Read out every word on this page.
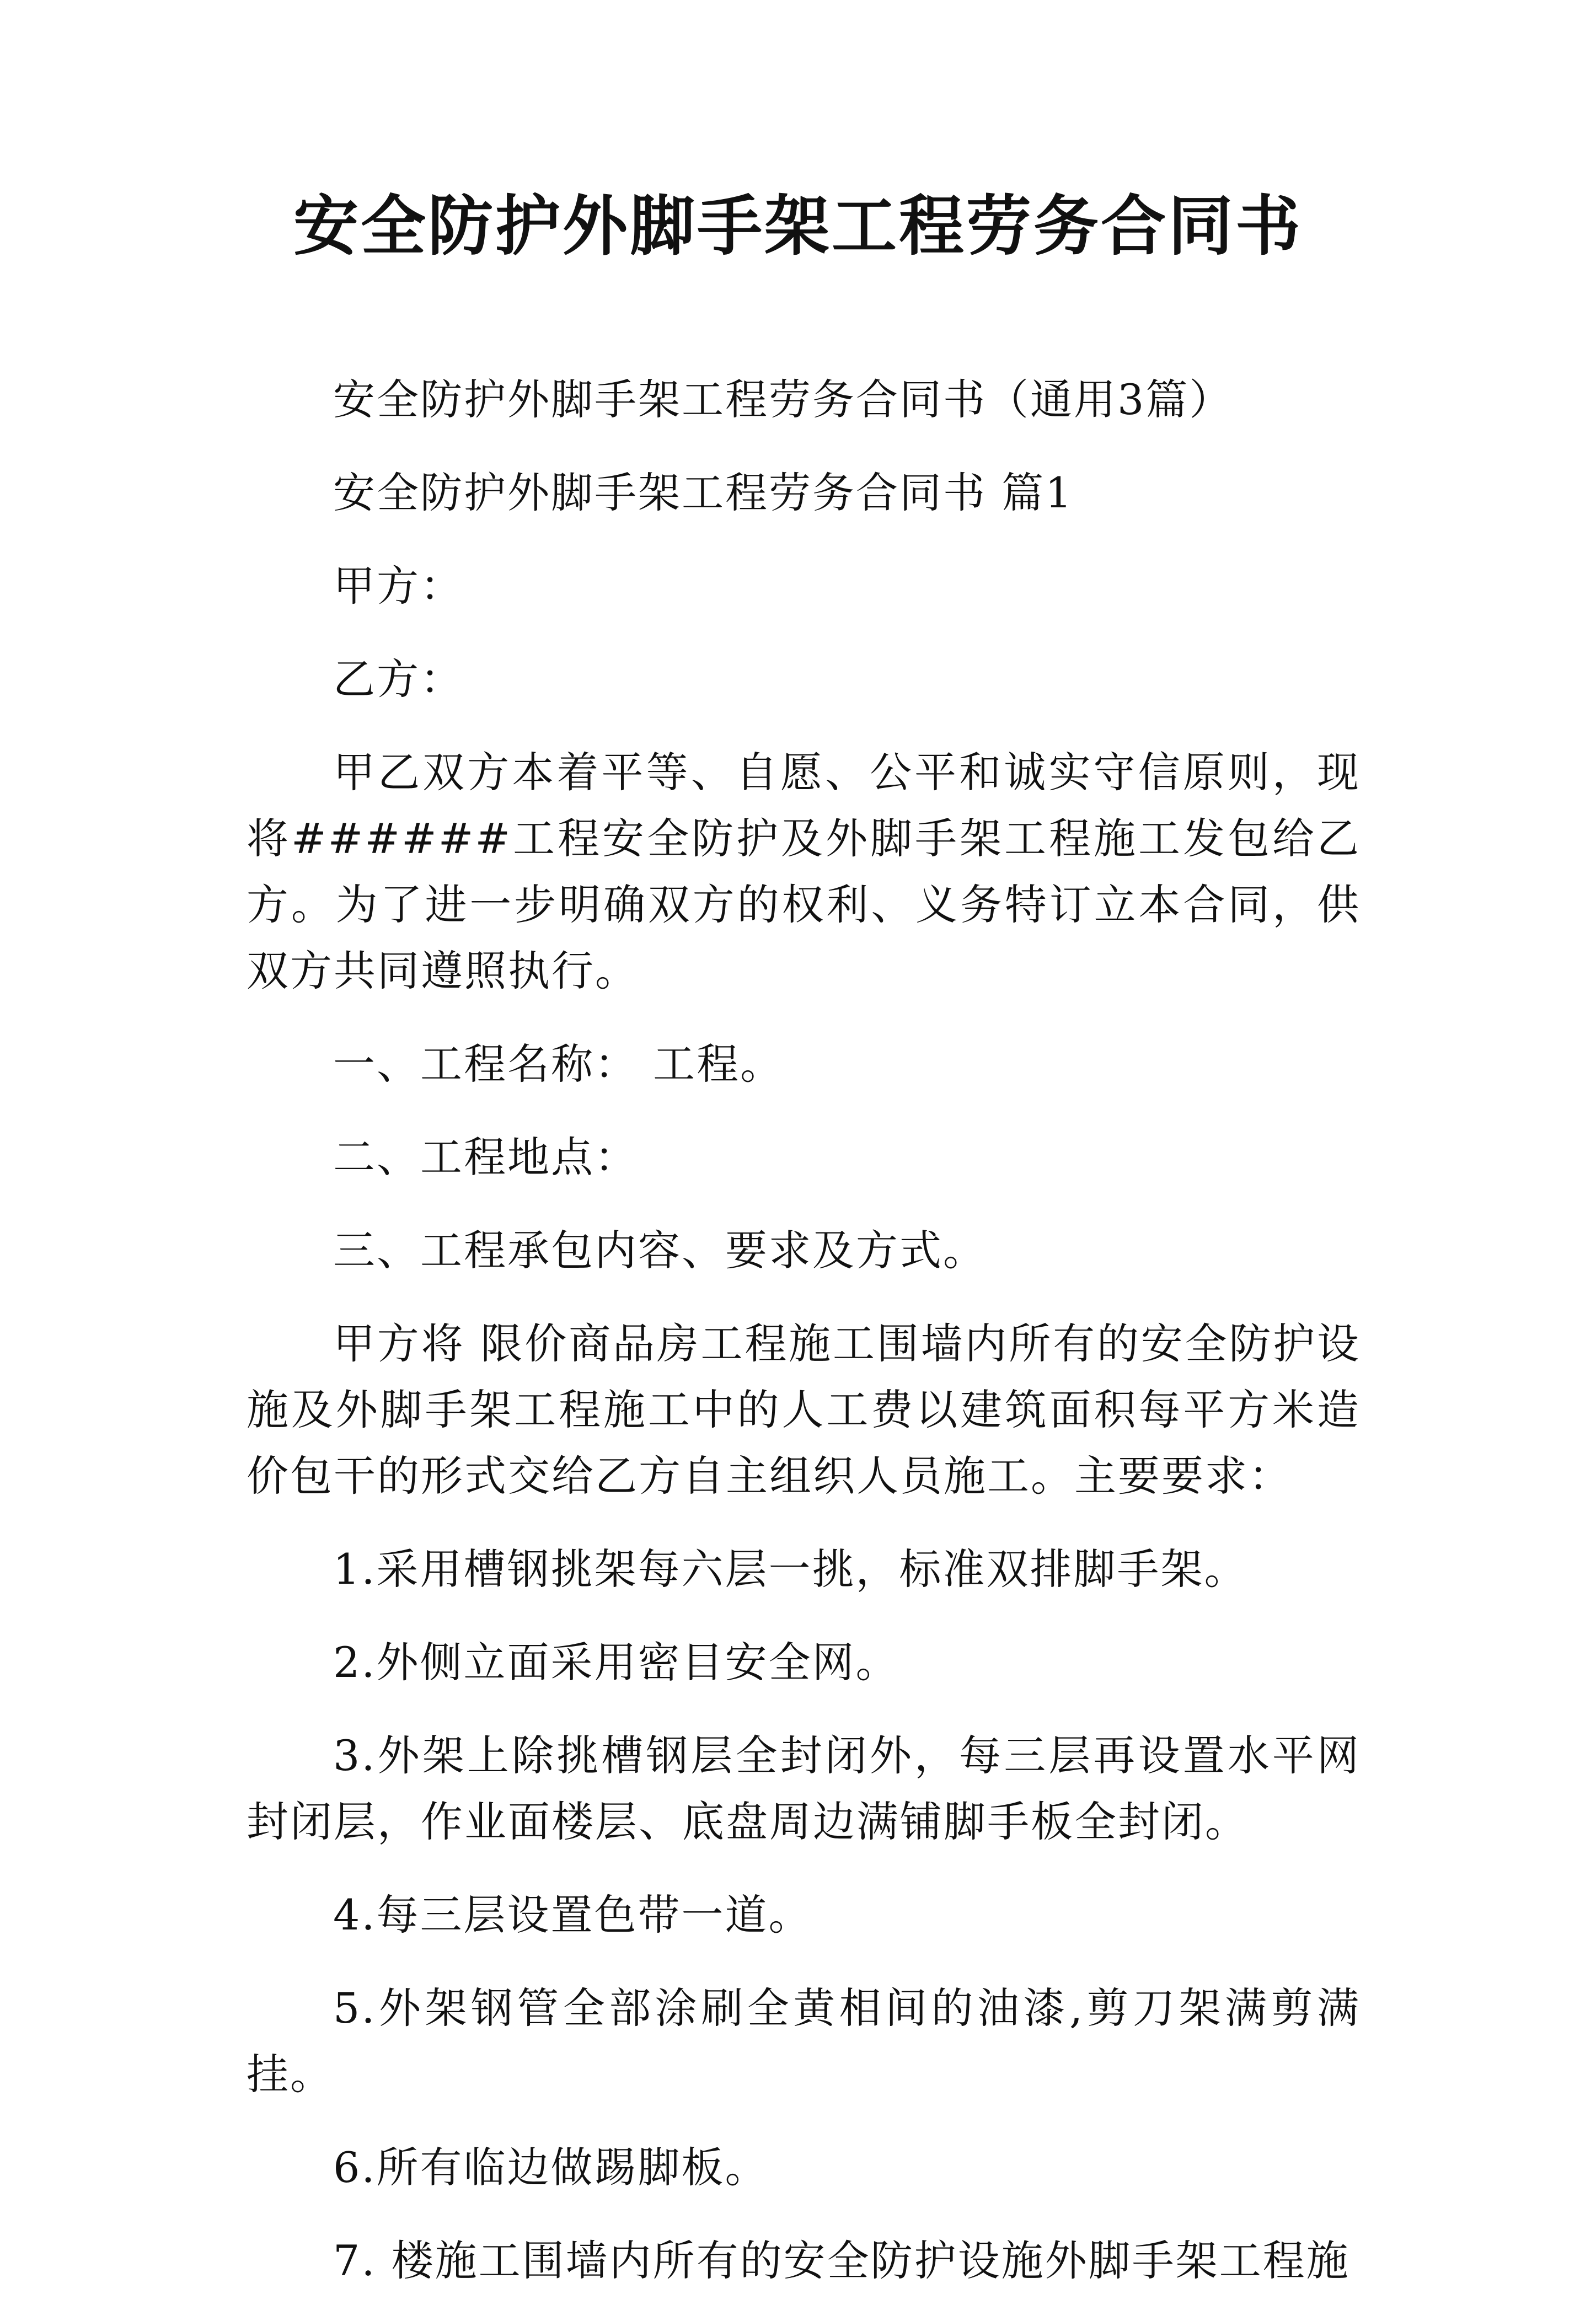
安全防护外脚手架工程劳务合同书

安全防护外脚手架工程劳务合同书（通用3篇）

安全防护外脚手架工程劳务合同书 篇1

甲方：

乙方：

甲乙双方本着平等、自愿、公平和诚实守信原则，现将######工程安全防护及外脚手架工程施工发包给乙方。为了进一步明确双方的权利、义务特订立本合同，供双方共同遵照执行。

一、工程名称： 工程。

二、工程地点：

三、工程承包内容、要求及方式。

甲方将 限价商品房工程施工围墙内所有的安全防护设施及外脚手架工程施工中的人工费以建筑面积每平方米造价包干的形式交给乙方自主组织人员施工。主要要求：

1.采用槽钢挑架每六层一挑，标准双排脚手架。

2.外侧立面采用密目安全网。

3.外架上除挑槽钢层全封闭外，每三层再设置水平网封闭层，作业面楼层、底盘周边满铺脚手板全封闭。

4.每三层设置色带一道。

5.外架钢管全部涂刷全黄相间的油漆,剪刀架满剪满挂。

6.所有临边做踢脚板。

7. 楼施工围墙内所有的安全防护设施外脚手架工程施
